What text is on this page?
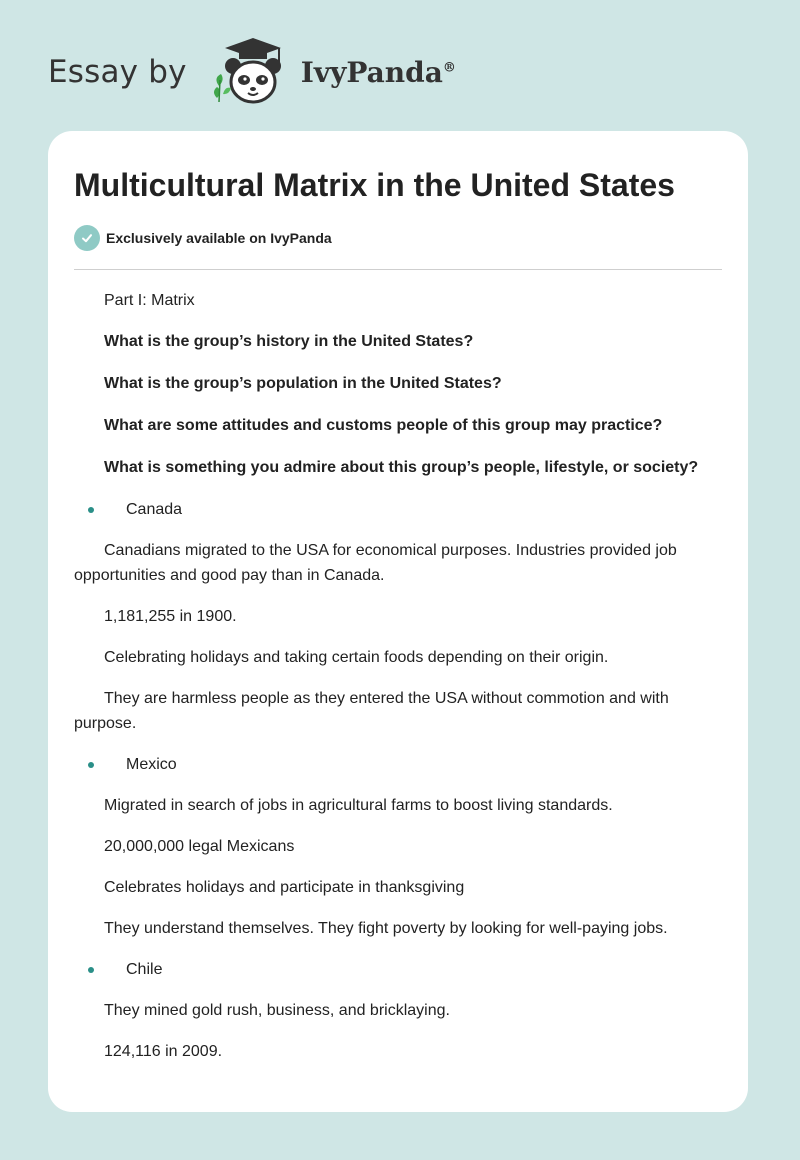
Essay by	IvyPanda®
Multicultural Matrix in the United States
Exclusively available on IvyPanda

Part I: Matrix

What is the group’s history in the United States?

What is the group’s population in the United States?

What are some attitudes and customs people of this group may practice?

What is something you admire about this group’s people, lifestyle, or society?

Canada

Canadians migrated to the USA for economical purposes. Industries provided job opportunities and good pay than in Canada.

1,181,255 in 1900.

Celebrating holidays and taking certain foods depending on their origin.

They are harmless people as they entered the USA without commotion and with purpose.

Mexico

Migrated in search of jobs in agricultural farms to boost living standards.

20,000,000 legal Mexicans

Celebrates holidays and participate in thanksgiving

They understand themselves. They fight poverty by looking for well-paying jobs.

Chile

They mined gold rush, business, and bricklaying.

124,116 in 2009.
